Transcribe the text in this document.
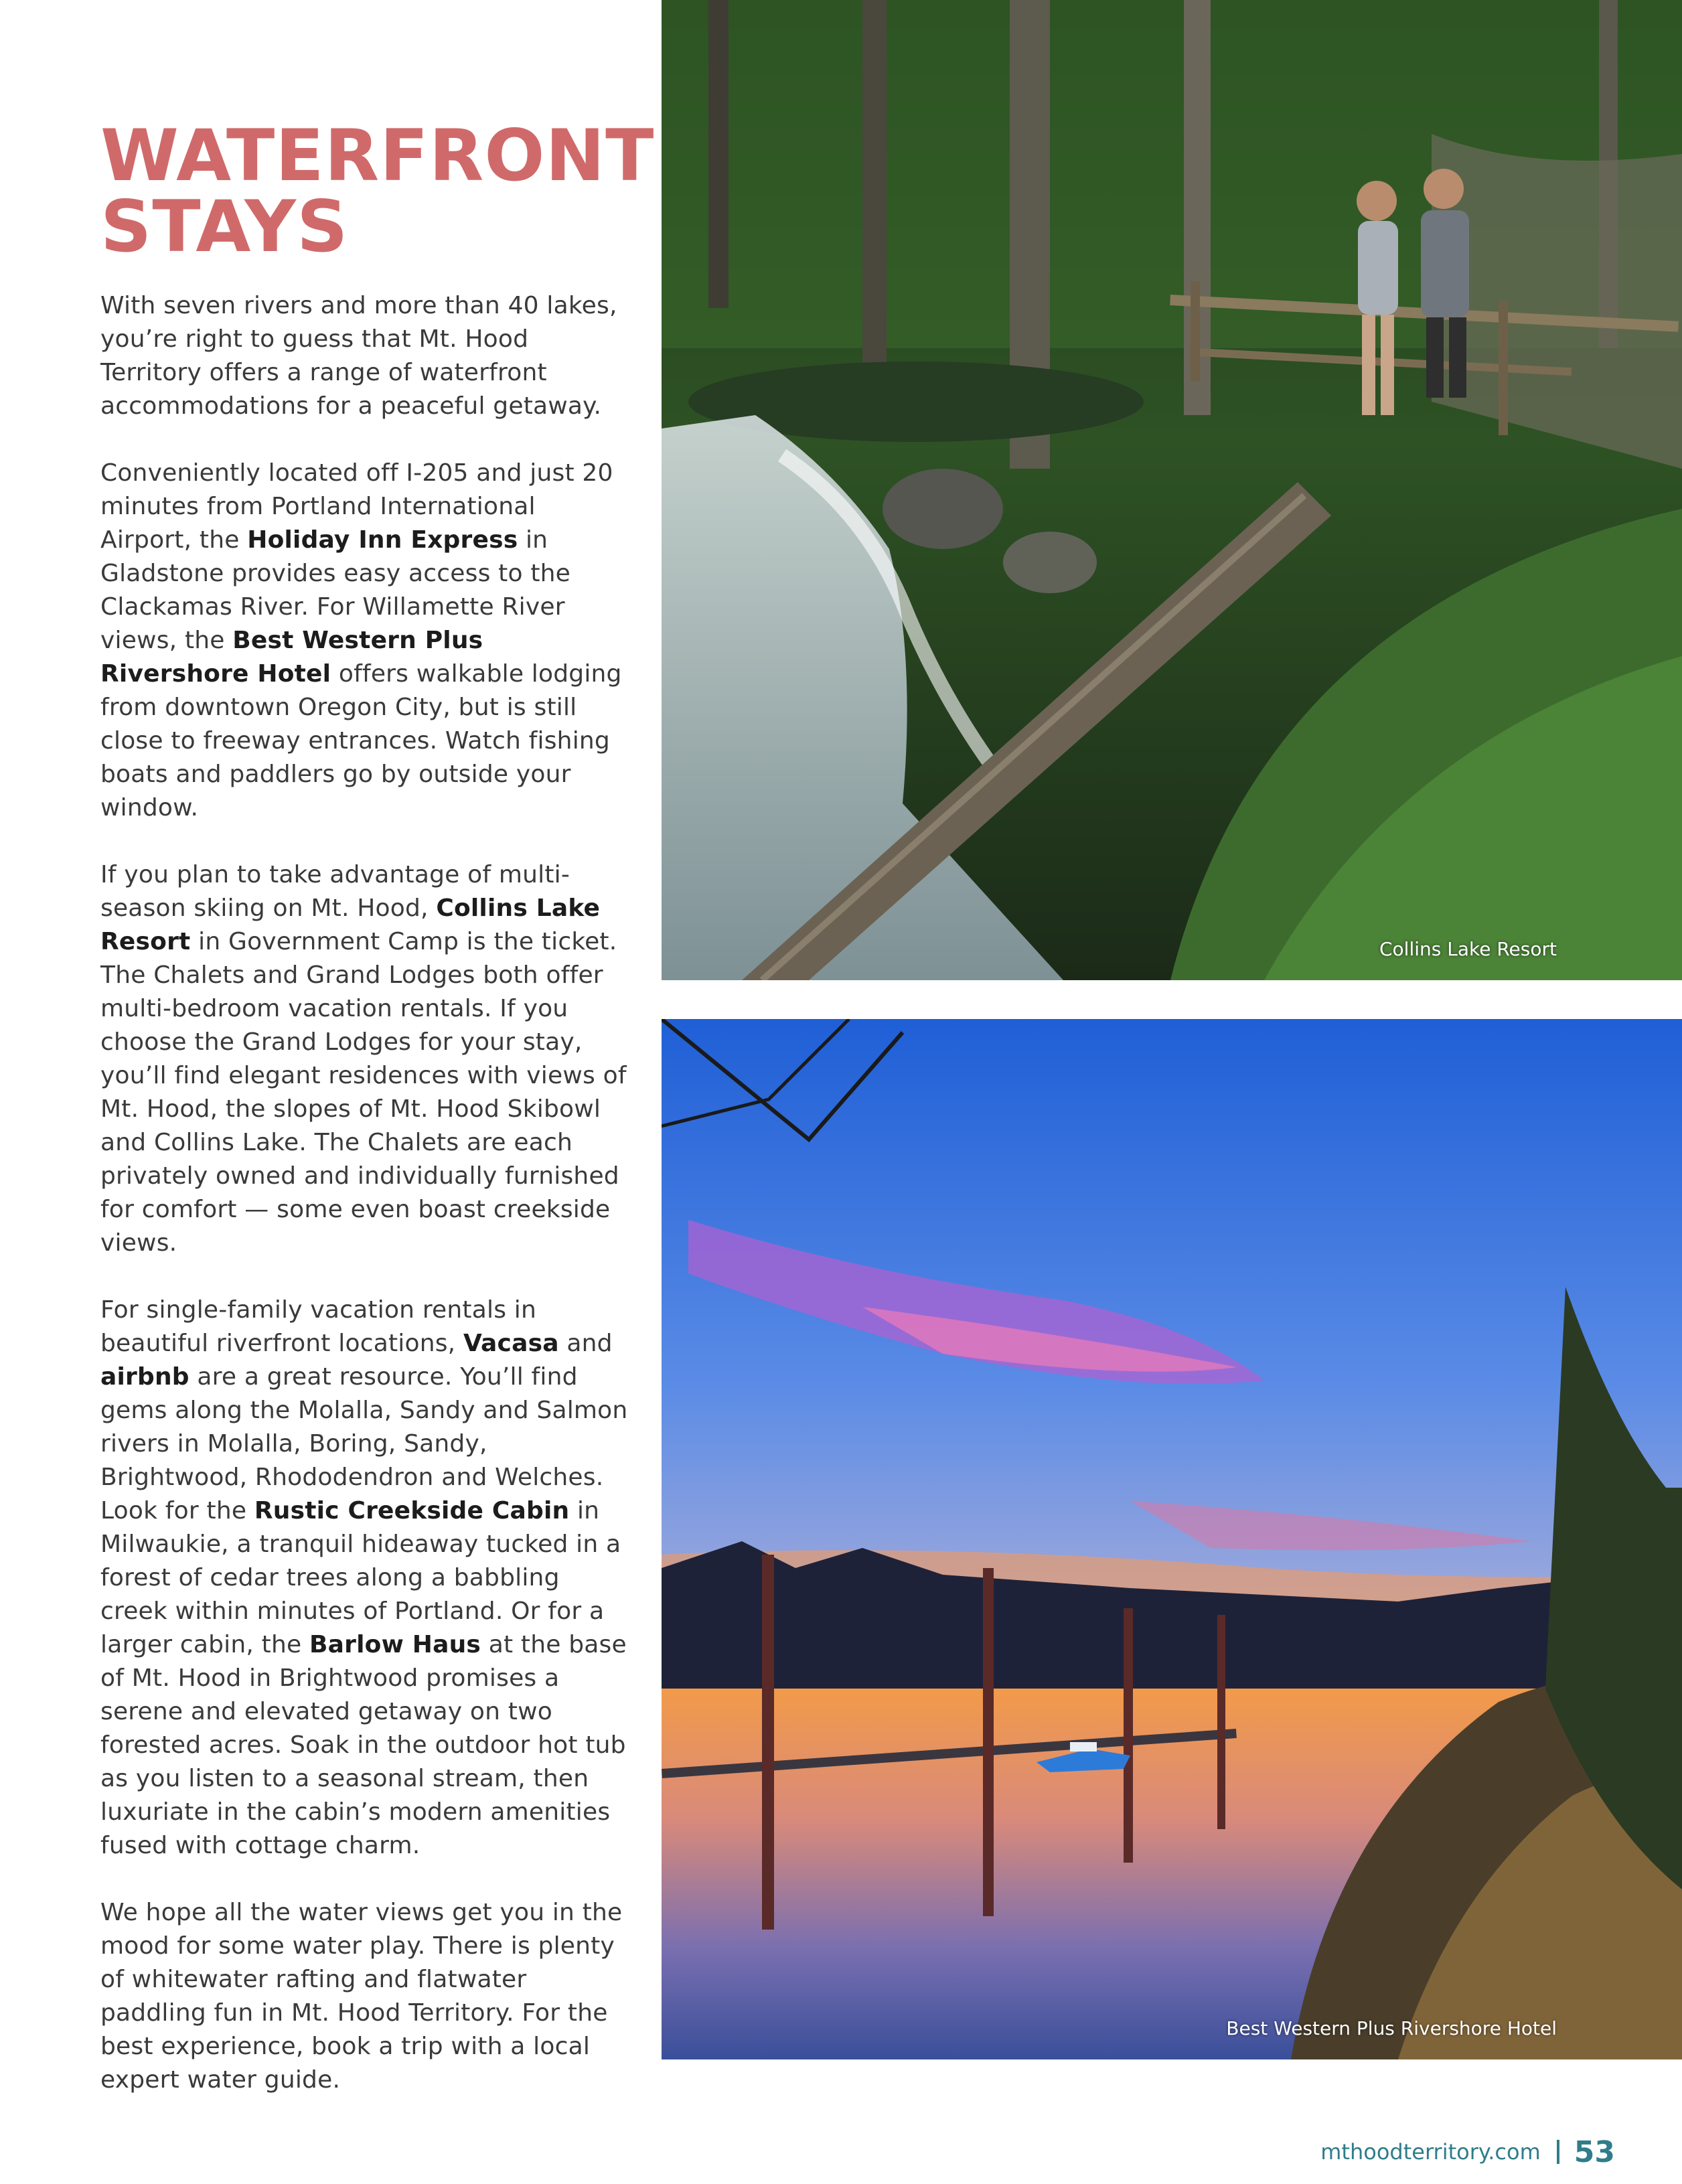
WATERFRONT
STAYS

With seven rivers and more than 40 lakes, you’re right to guess that Mt. Hood Territory offers a range of waterfront accommodations for a peaceful getaway.

Conveniently located off I-205 and just 20 minutes from Portland International Airport, the Holiday Inn Express in Gladstone provides easy access to the Clackamas River. For Willamette River views, the Best Western Plus Rivershore Hotel offers walkable lodging from downtown Oregon City, but is still close to freeway entrances. Watch fishing boats and paddlers go by outside your window.

If you plan to take advantage of multi-season skiing on Mt. Hood, Collins Lake Resort in Government Camp is the ticket. The Chalets and Grand Lodges both offer multi-bedroom vacation rentals. If you choose the Grand Lodges for your stay, you’ll find elegant residences with views of Mt. Hood, the slopes of Mt. Hood Skibowl and Collins Lake. The Chalets are each privately owned and individually furnished for comfort — some even boast creekside views.

For single-family vacation rentals in beautiful riverfront locations, Vacasa and airbnb are a great resource. You’ll find gems along the Molalla, Sandy and Salmon rivers in Molalla, Boring, Sandy, Brightwood, Rhododendron and Welches. Look for the Rustic Creekside Cabin in Milwaukie, a tranquil hideaway tucked in a forest of cedar trees along a babbling creek within minutes of Portland. Or for a larger cabin, the Barlow Haus at the base of Mt. Hood in Brightwood promises a serene and elevated getaway on two forested acres. Soak in the outdoor hot tub as you listen to a seasonal stream, then luxuriate in the cabin’s modern amenities fused with cottage charm.

We hope all the water views get you in the mood for some water play. There is plenty of whitewater rafting and flatwater paddling fun in Mt. Hood Territory. For the best experience, book a trip with a local expert water guide.

Collins Lake Resort
Best Western Plus Rivershore Hotel
mthoodterritory.com 53
